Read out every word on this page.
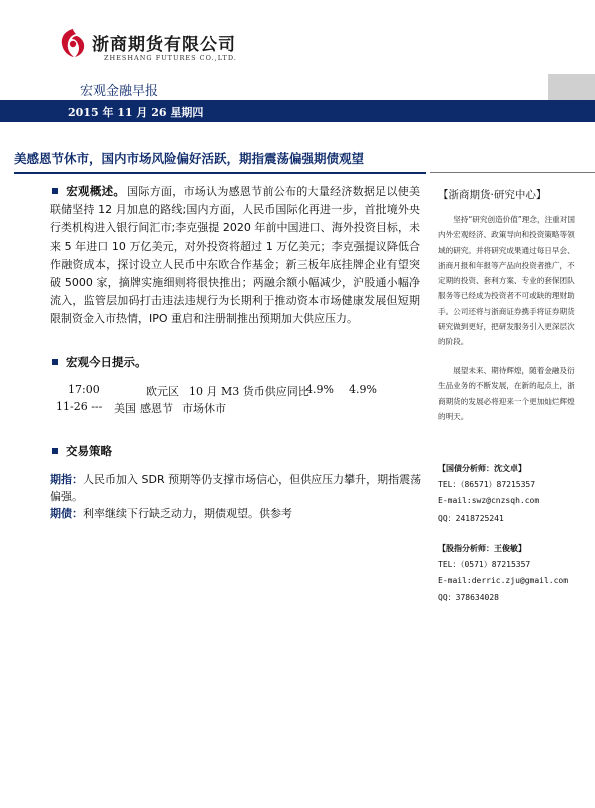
浙商期货有限公司
ZHESHANG FUTURES CO.,LTD.
宏观金融早报
2015 年 11 月 26 星期四
美感恩节休市，国内市场风险偏好活跃，期指震荡偏强期债观望
宏观概述。 国际方面，市场认为感恩节前公布的大量经济数据足以使美联储坚持 12 月加息的路线;国内方面，人民币国际化再进一步，首批境外央行类机构进入银行间汇市;李克强提 2020 年前中国进口、海外投资目标，未来 5 年进口 10 万亿美元，对外投资将超过 1 万亿美元；李克强提议降低合作融资成本，探讨设立人民币中东欧合作基金；新三板年底挂牌企业有望突破 5000 家，摘牌实施细则将很快推出；两融余额小幅减少，沪股通小幅净流入，监管层加码打击违法违规行为长期利于推动资本市场健康发展但短期限制资金入市热情，IPO 重启和注册制推出预期加大供应压力。
宏观今日提示。
17:00	欧元区 10 月 M3 货币供应同比
4.9% 4.9%
11-26 --- 美国 感恩节 市场休市
交易策略
期指：人民币加入 SDR 预期等仍支撑市场信心，但供应压力攀升，期指震荡偏强。
期债：利率继续下行缺乏动力，期债观望。供参考
【浙商期货·研究中心】
坚持“研究创造价值”理念，注重对国内外宏观经济、政策导向和投资策略等领域的研究。并将研究成果通过每日早会、浙商月报和年报等产品向投资者推广，不定期的投资、套利方案、专业的套保团队服务等已经成为投资者不可或缺的理财助手。公司还将与浙商证券携手将证券期货研究做到更好，把研发服务引入更深层次的阶段。
展望未来、期待辉煌，随着金融及衍生品业务的不断发展，在新的起点上，浙商期货的发展必将迎来一个更加灿烂辉煌的明天。
【国债分析师：沈文卓】
TEL：（86571）87215357
E-mail:swz@cnzsqh.com
QQ：2418725241
【股指分析师：王俊敏】
TEL：（0571）87215357
E-mail:derric.zju@gmail.com
QQ：378634028
